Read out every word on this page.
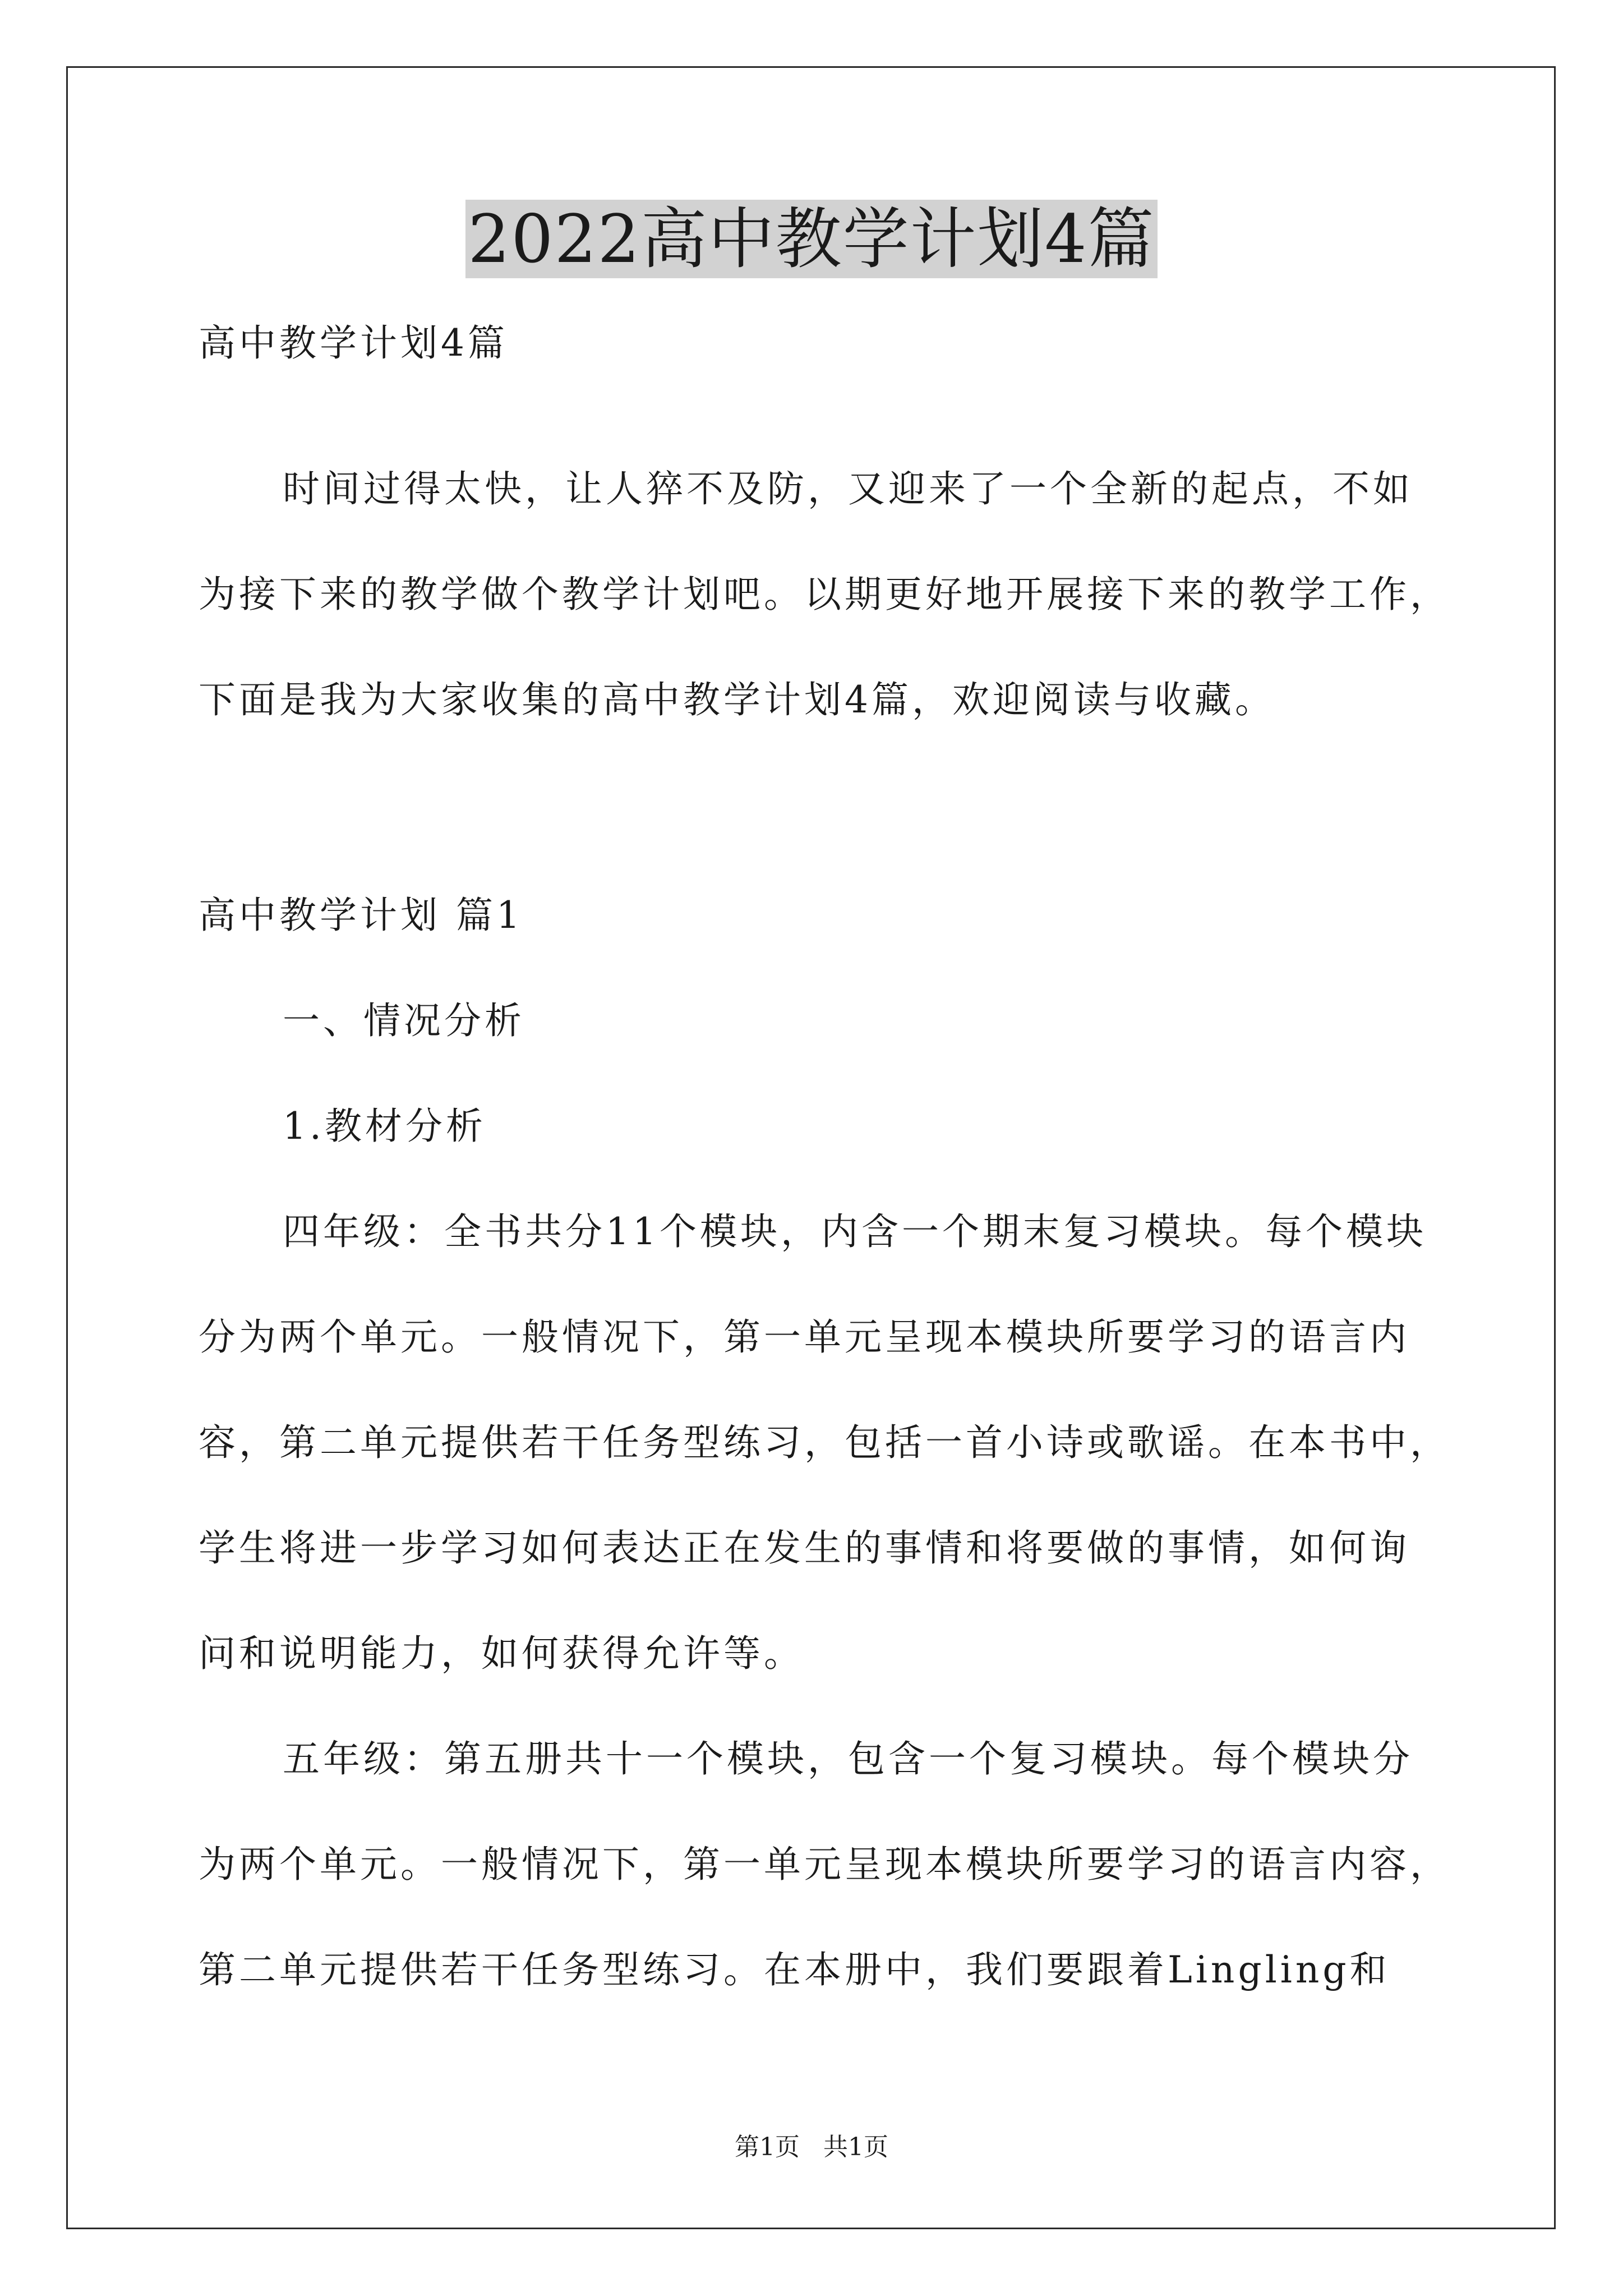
2022高中教学计划4篇
高中教学计划4篇
时间过得太快，让人猝不及防，又迎来了一个全新的起点，不如
为接下来的教学做个教学计划吧。以期更好地开展接下来的教学工作，
下面是我为大家收集的高中教学计划4篇，欢迎阅读与收藏。
高中教学计划 篇1
一、情况分析
1.教材分析
四年级：全书共分11个模块，内含一个期末复习模块。每个模块
分为两个单元。一般情况下，第一单元呈现本模块所要学习的语言内
容，第二单元提供若干任务型练习，包括一首小诗或歌谣。在本书中，
学生将进一步学习如何表达正在发生的事情和将要做的事情，如何询
问和说明能力，如何获得允许等。
五年级：第五册共十一个模块，包含一个复习模块。每个模块分
为两个单元。一般情况下，第一单元呈现本模块所要学习的语言内容，
第二单元提供若干任务型练习。在本册中，我们要跟着Lingling和
第1页   共1页
